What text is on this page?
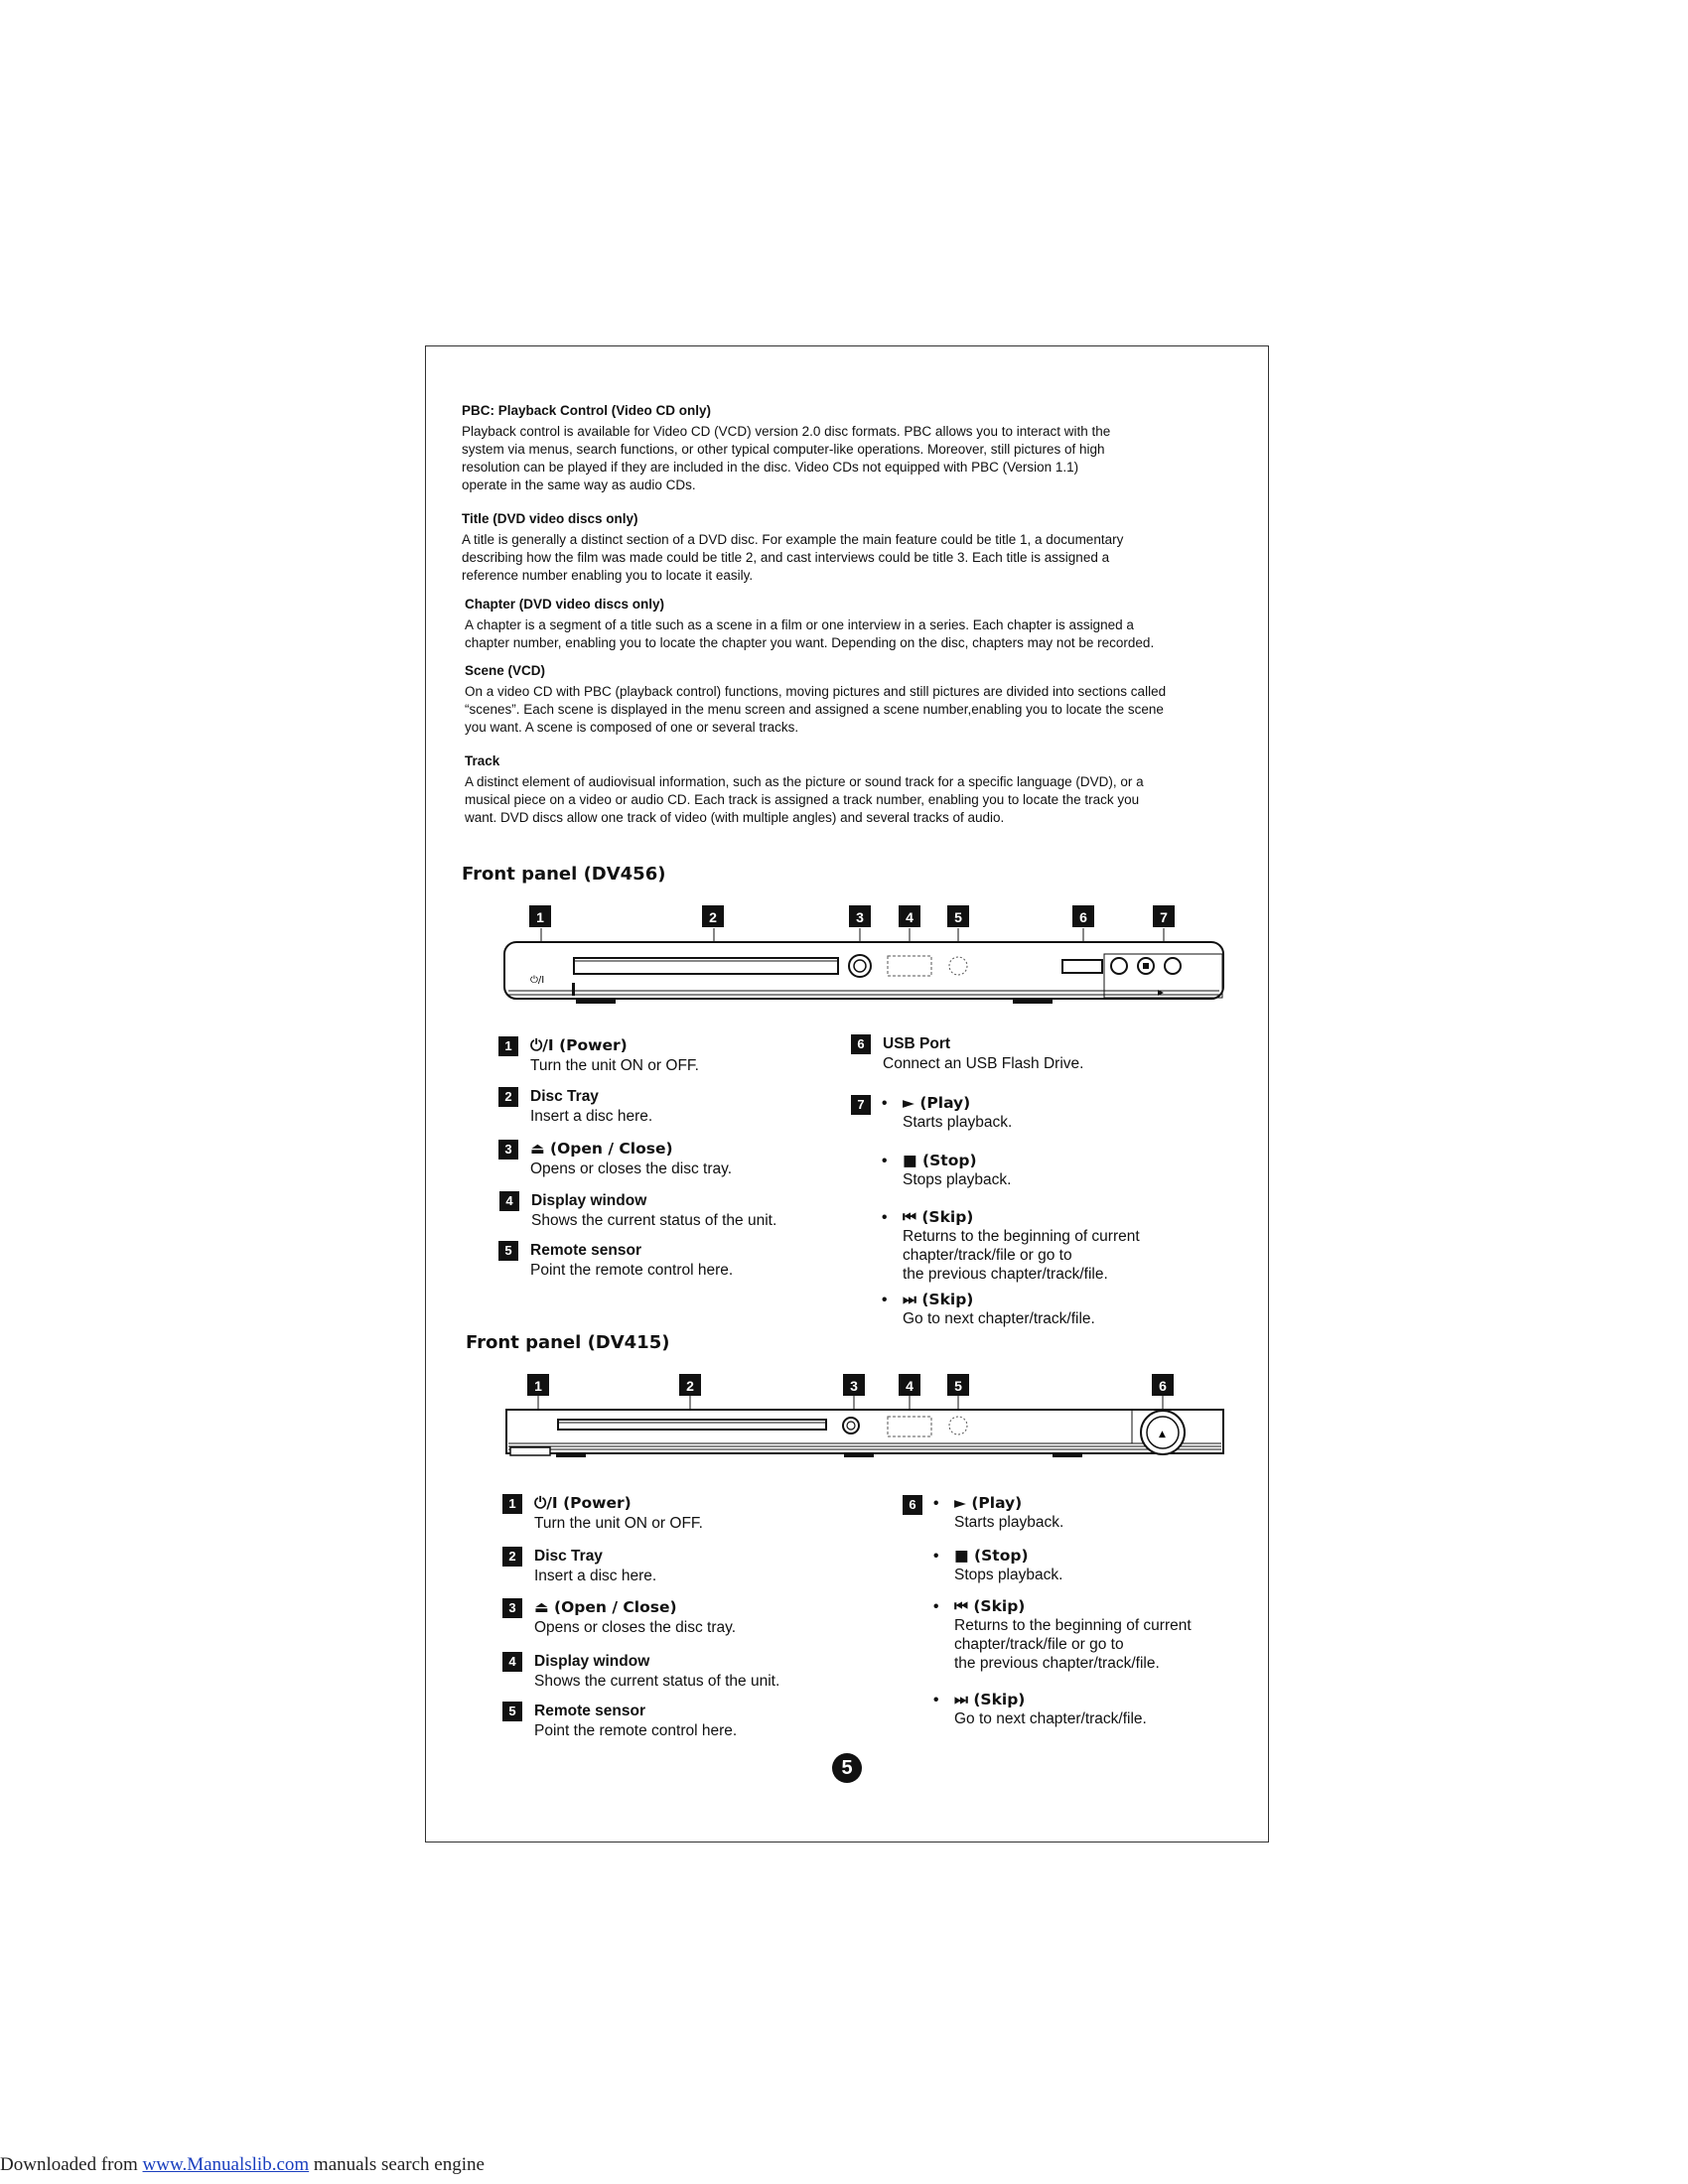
PBC: Playback Control (Video CD only)

Playback control is available for Video CD (VCD) version 2.0 disc formats. PBC allows you to interact with the
system via menus, search functions, or other typical computer-like operations. Moreover, still pictures of high
resolution can be played if they are included in the disc. Video CDs not equipped with PBC (Version 1.1)
operate in the same way as audio CDs.

Title (DVD video discs only)

A title is generally a distinct section of a DVD disc. For example the main feature could be title 1, a documentary
describing how the film was made could be title 2, and cast interviews could be title 3. Each title is assigned a
reference number enabling you to locate it easily.

Chapter (DVD video discs only)

A chapter is a segment of a title such as a scene in a film or one interview in a series. Each chapter is assigned a
chapter number, enabling you to locate the chapter you want. Depending on the disc, chapters may not be recorded.

Scene (VCD)

On a video CD with PBC (playback control) functions, moving pictures and still pictures are divided into sections called
“scenes”. Each scene is displayed in the menu screen and assigned a scene number,enabling you to locate the scene
you want. A scene is composed of one or several tracks.

Track

A distinct element of audiovisual information, such as the picture or sound track for a specific language (DVD), or a
musical piece on a video or audio CD. Each track is assigned a track number, enabling you to locate the track you
want. DVD discs allow one track of video (with multiple angles) and several tracks of audio.

Front panel (DV456)
1	2	3	4	5	6	7
⏻/I
1 ⏻/I (Power)
Turn the unit ON or OFF.
2 Disc Tray
Insert a disc here.
3 ⏏ (Open / Close)
Opens or closes the disc tray.
4 Display window
Shows the current status of the unit.
5 Remote sensor
Point the remote control here.
6 USB Port
Connect an USB Flash Drive.
7	• ► (Play)
Starts playback.
• ■ (Stop)
Stops playback.
• ⏮ (Skip)
Returns to the beginning of current
chapter/track/file or go to
the previous chapter/track/file.
• ⏭ (Skip)
Go to next chapter/track/file.
Front panel (DV415)
1	2	3	4	5	6
▲
1 ⏻/I (Power)
Turn the unit ON or OFF.
2 Disc Tray
Insert a disc here.
3 ⏏ (Open / Close)
Opens or closes the disc tray.
4 Display window
Shows the current status of the unit.
5 Remote sensor
Point the remote control here.
6	• ► (Play)
Starts playback.
• ■ (Stop)
Stops playback.
• ⏮ (Skip)
Returns to the beginning of current
chapter/track/file or go to
the previous chapter/track/file.
• ⏭ (Skip)
Go to next chapter/track/file.
5
Downloaded from www.Manualslib.com manuals search engine
